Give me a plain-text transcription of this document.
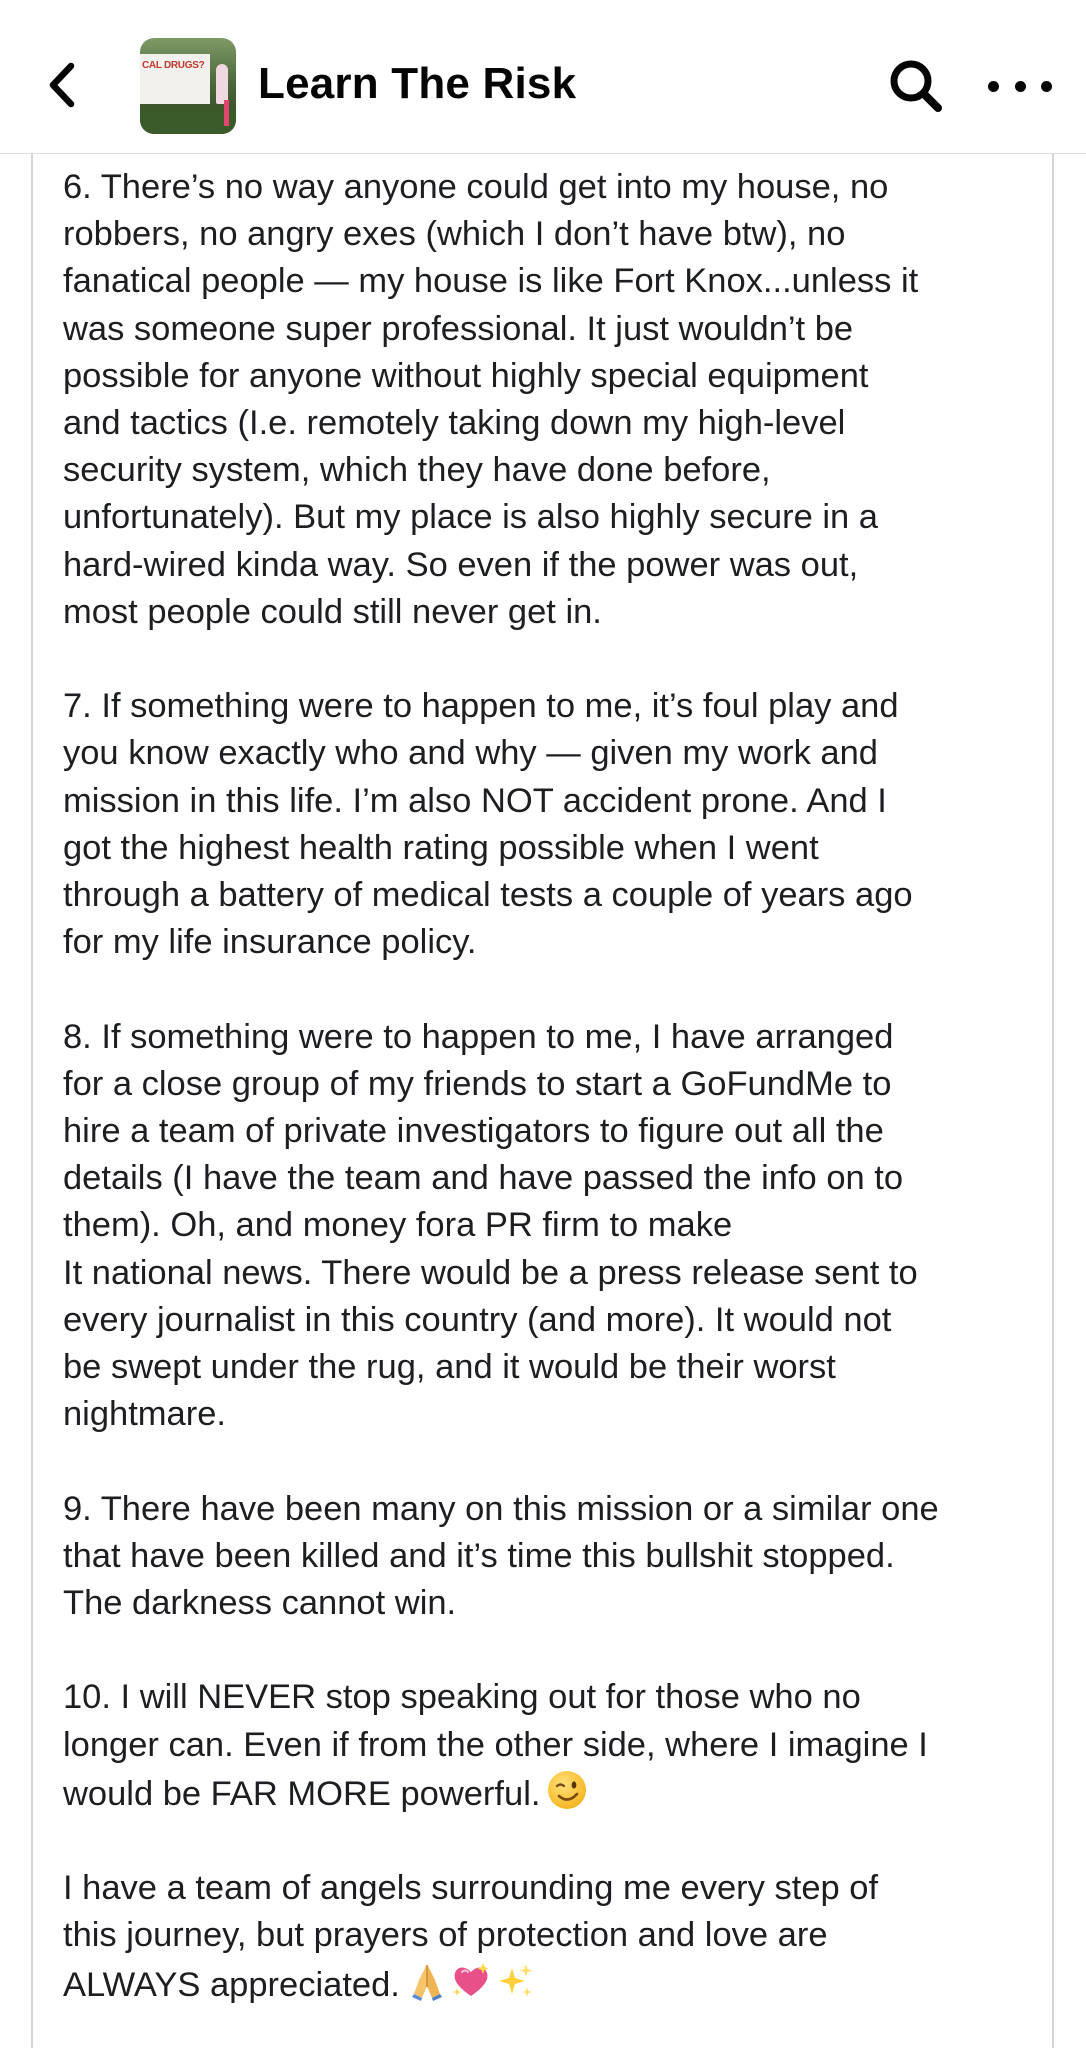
CAL DRUGS? Learn The Risk

6. There’s no way anyone could get into my house, no
robbers, no angry exes (which I don’t have btw), no
fanatical people — my house is like Fort Knox...unless it
was someone super professional. It just wouldn’t be
possible for anyone without highly special equipment
and tactics (I.e. remotely taking down my high-level
security system, which they have done before,
unfortunately). But my place is also highly secure in a
hard-wired kinda way. So even if the power was out,
most people could still never get in.

7. If something were to happen to me, it’s foul play and
you know exactly who and why — given my work and
mission in this life. I’m also NOT accident prone. And I
got the highest health rating possible when I went
through a battery of medical tests a couple of years ago
for my life insurance policy.

8. If something were to happen to me, I have arranged
for a close group of my friends to start a GoFundMe to
hire a team of private investigators to figure out all the
details (I have the team and have passed the info on to
them). Oh, and money fora PR firm to make
It national news. There would be a press release sent to
every journalist in this country (and more). It would not
be swept under the rug, and it would be their worst
nightmare.

9. There have been many on this mission or a similar one
that have been killed and it’s time this bullshit stopped.
The darkness cannot win.

10. I will NEVER stop speaking out for those who no
longer can. Even if from the other side, where I imagine I
would be FAR MORE powerful.

I have a team of angels surrounding me every step of
this journey, but prayers of protection and love are
ALWAYS appreciated.
